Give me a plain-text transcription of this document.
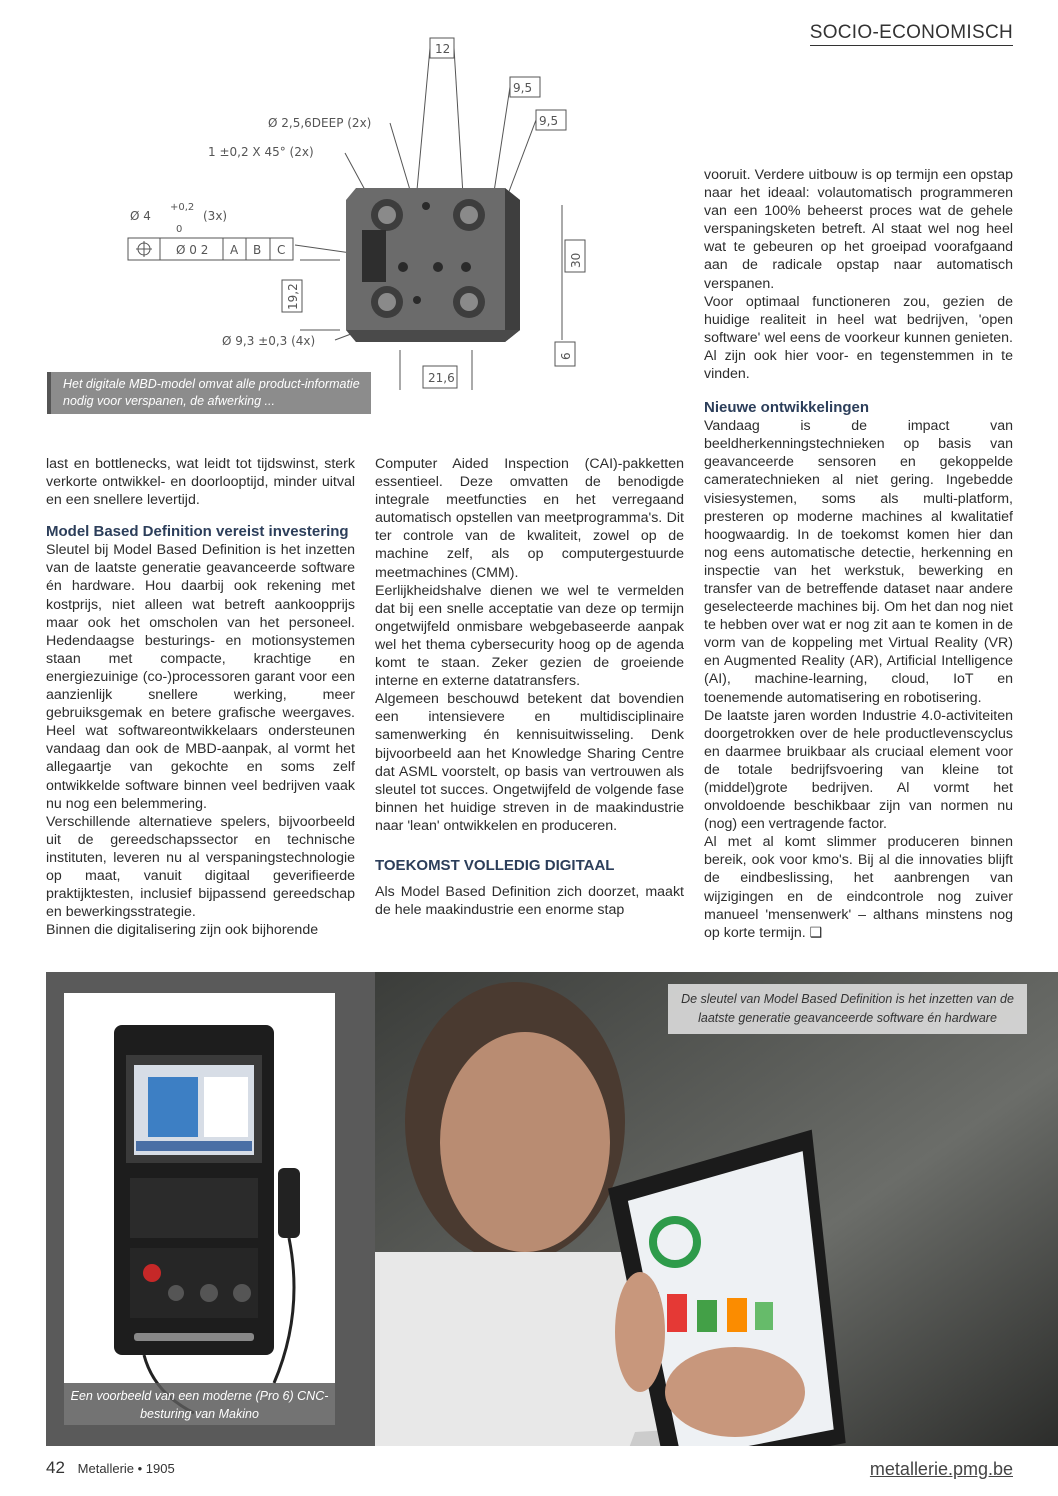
SOCIO-ECONOMISCH
12
9,5
9,5
30
19,2
6
21,6
Ø 2,5,6DEEP (2x)
1 ±0,2 X 45° (2x)
Ø 4
+0,2
0
(3x)
Ø 0 2 A B C
Ø 9,3 ±0,3 (4x)
Het digitale MBD-model omvat alle product-informatie nodig voor verspanen, de afwerking ...

last en bottlenecks, wat leidt tot tijdswinst, sterk verkorte ontwikkel- en doorlooptijd, minder uitval en een snellere levertijd.

Model Based Definition vereist investering

Sleutel bij Model Based Definition is het inzetten van de laatste generatie geavanceerde software én hardware. Hou daarbij ook rekening met kostprijs, niet alleen wat betreft aankoopprijs maar ook het omscholen van het personeel. Hedendaagse besturings- en motionsystemen staan met compacte, krachtige en energiezuinige (co-)processoren garant voor een aanzienlijk snellere werking, meer gebruiksgemak en betere grafische weergaves. Heel wat softwareontwikkelaars ondersteunen vandaag dan ook de MBD-aanpak, al vormt het allegaartje van gekochte en soms zelf ontwikkelde software binnen veel bedrijven vaak nu nog een belemmering.

Verschillende alternatieve spelers, bijvoorbeeld uit de gereedschapssector en technische instituten, leveren nu al verspaningstechnologie op maat, vanuit digitaal geverifieerde praktijktesten, inclusief bijpassend gereedschap en bewerkingsstrategie.

Binnen die digitalisering zijn ook bijhorende

Computer Aided Inspection (CAI)-pakketten essentieel. Deze omvatten de benodigde integrale meetfuncties en het verregaand automatisch opstellen van meetprogramma's. Dit ter controle van de kwaliteit, zowel op de machine zelf, als op computergestuurde meetmachines (CMM).

Eerlijkheidshalve dienen we wel te vermelden dat bij een snelle acceptatie van deze op termijn ongetwijfeld onmisbare webgebaseerde aanpak wel het thema cybersecurity hoog op de agenda komt te staan. Zeker gezien de groeiende interne en externe datatransfers.

Algemeen beschouwd betekent dat bovendien een intensievere en multidisciplinaire samenwerking én kennisuitwisseling. Denk bijvoorbeeld aan het Knowledge Sharing Centre dat ASML voorstelt, op basis van vertrouwen als sleutel tot succes. Ongetwijfeld de volgende fase binnen het huidige streven in de maakindustrie naar 'lean' ontwikkelen en produceren.

TOEKOMST VOLLEDIG DIGITAAL

Als Model Based Definition zich doorzet, maakt de hele maakindustrie een enorme stap

vooruit. Verdere uitbouw is op termijn een opstap naar het ideaal: volautomatisch programmeren van een 100% beheerst proces wat de gehele verspaningsketen betreft. Al staat wel nog heel wat te gebeuren op het groeipad voorafgaand aan de radicale opstap naar automatisch verspanen.

Voor optimaal functioneren zou, gezien de huidige realiteit in heel wat bedrijven, 'open software' wel eens de voorkeur kunnen genieten. Al zijn ook hier voor- en tegenstemmen in te vinden.

Nieuwe ontwikkelingen

Vandaag is de impact van beeldherkenningstechnieken op basis van geavanceerde sensoren en gekoppelde cameratechnieken al niet gering. Ingebedde visiesystemen, soms als multi-platform, presteren op moderne machines al kwalitatief hoogwaardig. In de toekomst komen hier dan nog eens automatische detectie, herkenning en inspectie van het werkstuk, bewerking en transfer van de betreffende dataset naar andere geselecteerde machines bij. Om het dan nog niet te hebben over wat er nog zit aan te komen in de vorm van de koppeling met Virtual Reality (VR) en Augmented Reality (AR), Artificial Intelligence (AI), machine-learning, cloud, IoT en toenemende automatisering en robotisering.

De laatste jaren worden Industrie 4.0-activiteiten doorgetrokken over de hele productlevenscyclus en daarmee bruikbaar als cruciaal element voor de totale bedrijfsvoering van kleine tot (middel)grote bedrijven. Al vormt het onvoldoende beschikbaar zijn van normen nu (nog) een vertragende factor.

Al met al komt slimmer produceren binnen bereik, ook voor kmo's. Bij al die innovaties blijft de eindbeslissing, het aanbrengen van wijzigingen en de eindcontrole nog zuiver manueel 'mensenwerk' – althans minstens nog op korte termijn. ❑

Een voorbeeld van een moderne (Pro 6) CNC-besturing van Makino
De sleutel van Model Based Definition is het inzetten van de laatste generatie geavanceerde software én hardware
42 Metallerie • 1905	metallerie.pmg.be
